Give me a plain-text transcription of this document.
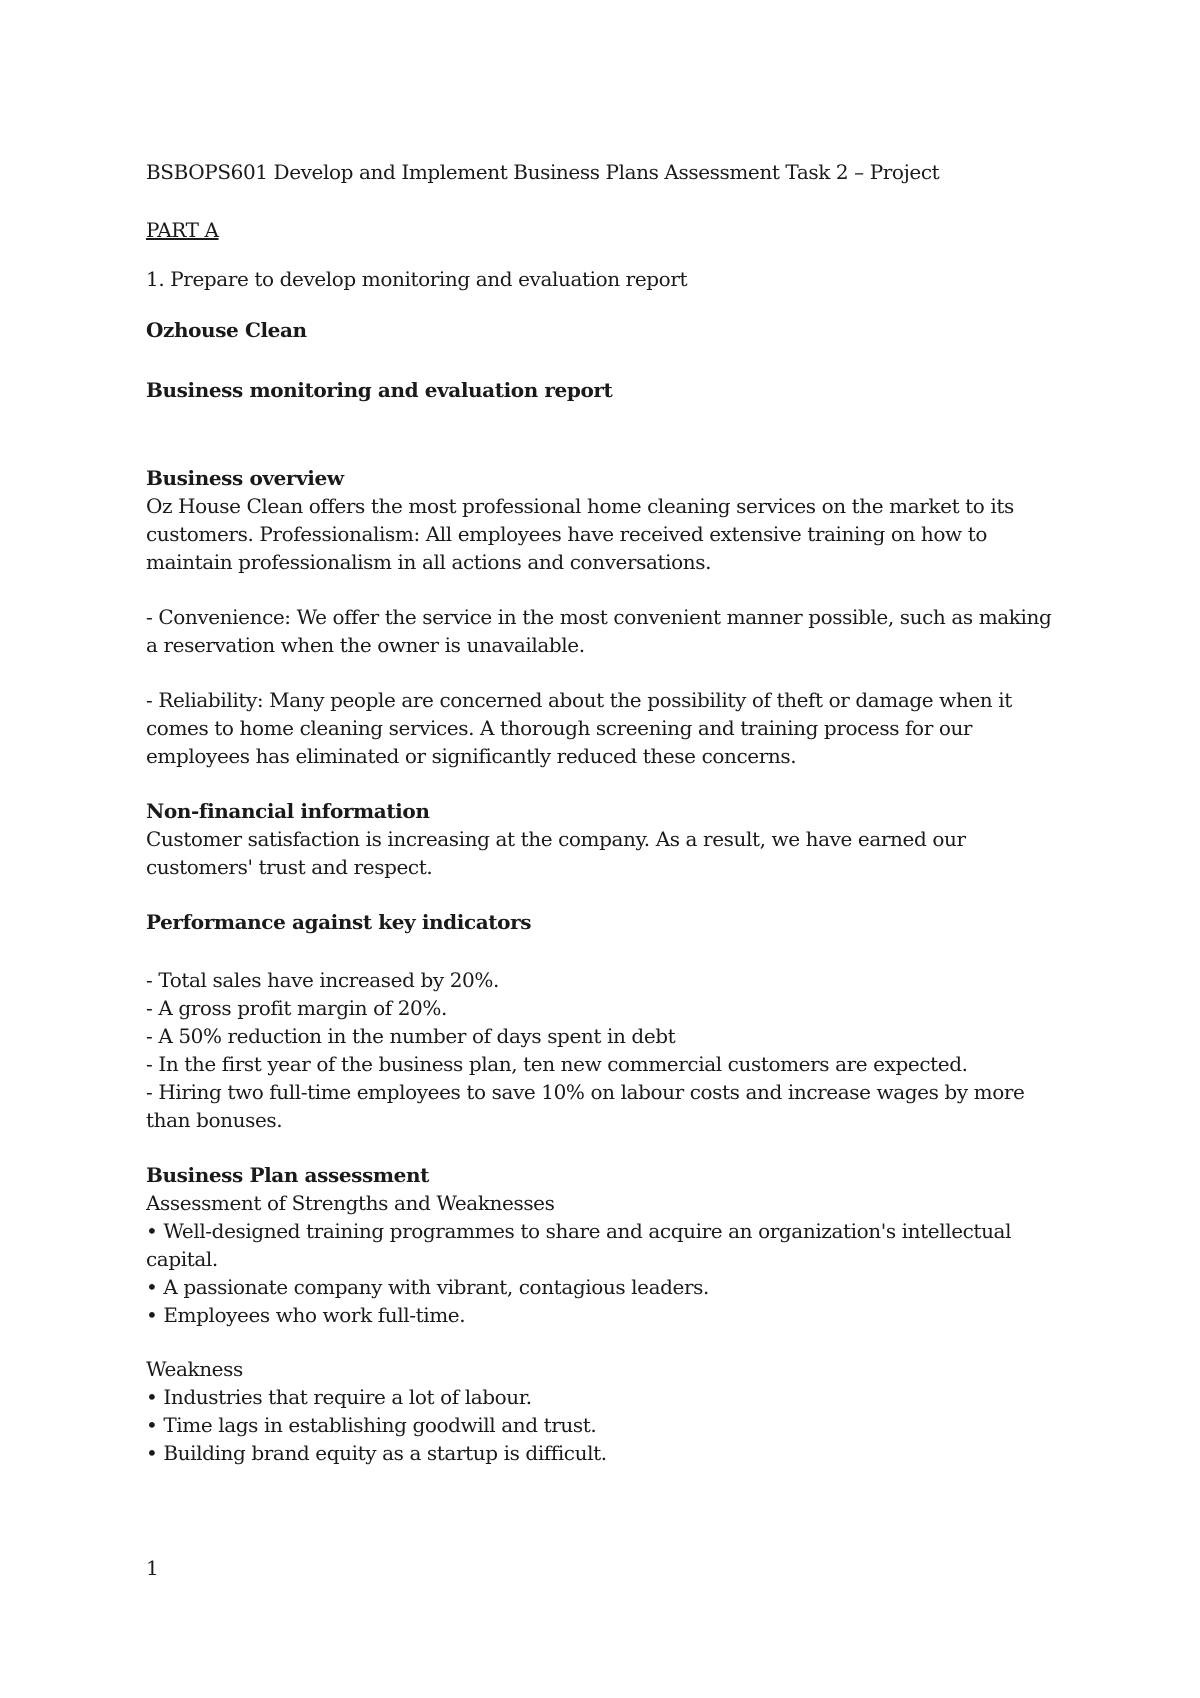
BSBOPS601 Develop and Implement Business Plans Assessment Task 2 – Project

PART A

1. Prepare to develop monitoring and evaluation report

Ozhouse Clean

Business monitoring and evaluation report

Business overview

Oz House Clean offers the most professional home cleaning services on the market to its customers. Professionalism: All employees have received extensive training on how to maintain professionalism in all actions and conversations.

- Convenience: We offer the service in the most convenient manner possible, such as making a reservation when the owner is unavailable.

- Reliability: Many people are concerned about the possibility of theft or damage when it comes to home cleaning services. A thorough screening and training process for our employees has eliminated or significantly reduced these concerns.

Non-financial information

Customer satisfaction is increasing at the company. As a result, we have earned our customers' trust and respect.

Performance against key indicators

- Total sales have increased by 20%.

- A gross profit margin of 20%.

- A 50% reduction in the number of days spent in debt

- In the first year of the business plan, ten new commercial customers are expected.

- Hiring two full-time employees to save 10% on labour costs and increase wages by more than bonuses.

Business Plan assessment

Assessment of Strengths and Weaknesses

• Well-designed training programmes to share and acquire an organization's intellectual capital.

• A passionate company with vibrant, contagious leaders.

• Employees who work full-time.

Weakness

• Industries that require a lot of labour.

• Time lags in establishing goodwill and trust.

• Building brand equity as a startup is difficult.

1
